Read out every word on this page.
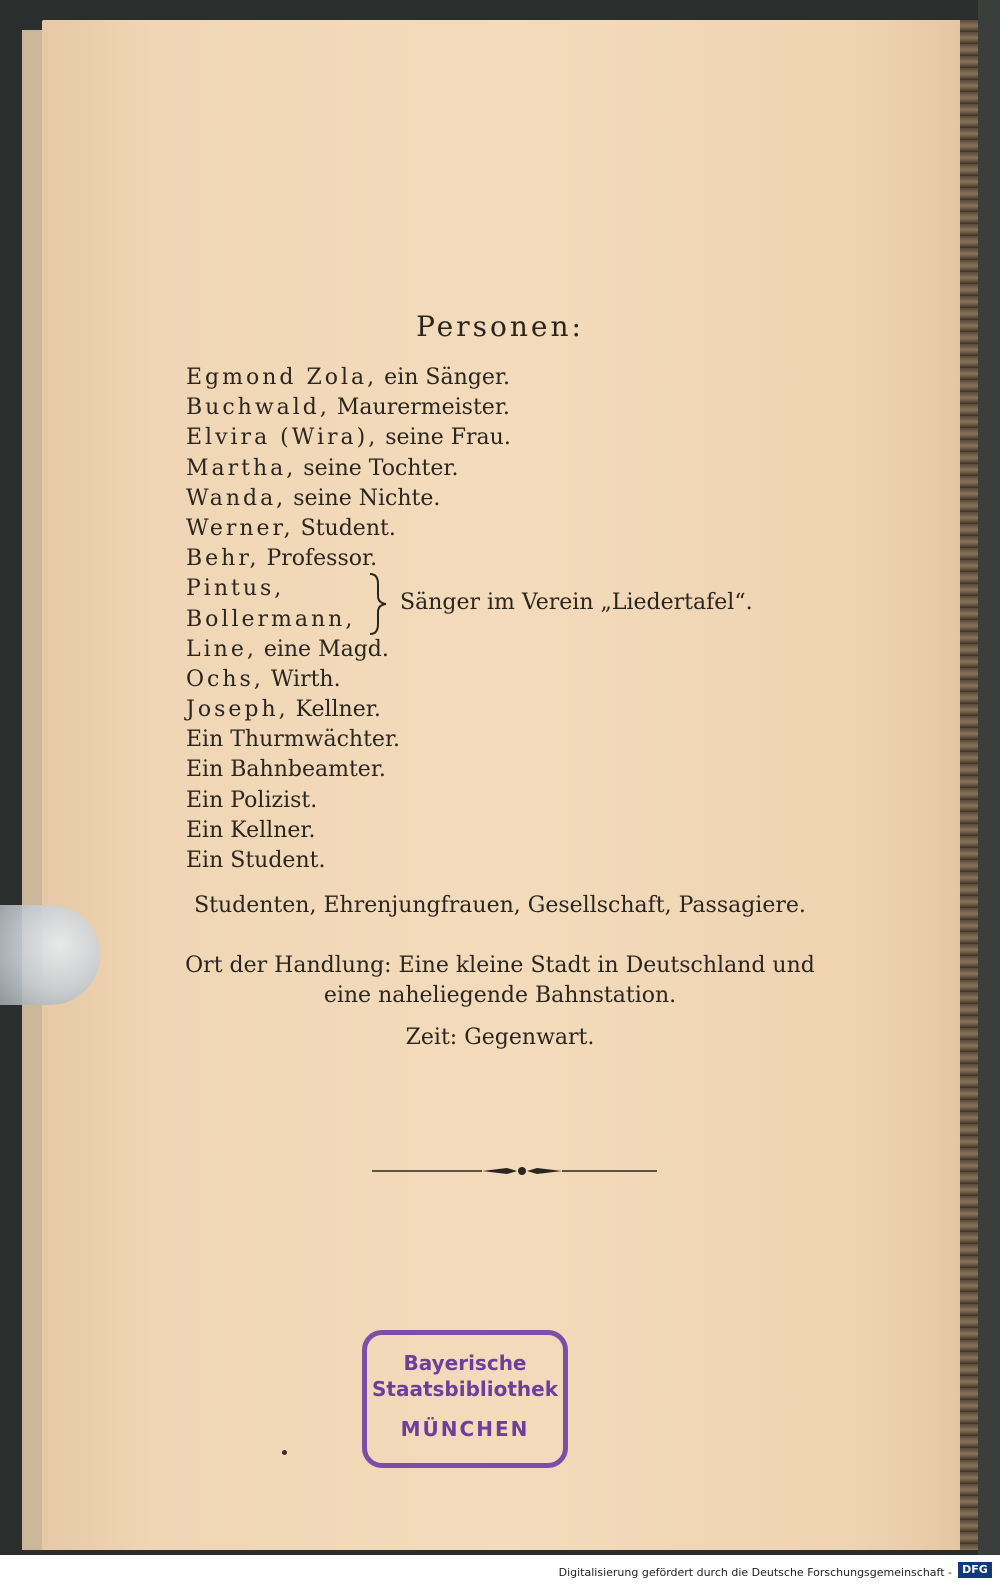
Personen:
Egmond Zola, ein Sänger.
Buchwald, Maurermeister.
Elvira (Wira), seine Frau.
Martha, seine Tochter.
Wanda, seine Nichte.
Werner, Student.
Behr, Professor.
Pintus,
Bollermann,
Line, eine Magd.
Ochs, Wirth.
Joseph, Kellner.
Ein Thurmwächter.
Ein Bahnbeamter.
Ein Polizist.
Ein Kellner.
Ein Student.
Sänger im Verein „Liedertafel“.
Studenten, Ehrenjungfrauen, Gesellschaft, Passagiere.
Ort der Handlung: Eine kleine Stadt in Deutschland und
eine naheliegende Bahnstation.
Zeit: Gegenwart.
Bayerische
Staatsbibliothek
MÜNCHEN
Digitalisierung gefördert durch die Deutsche Forschungsgemeinschaft - DFG
